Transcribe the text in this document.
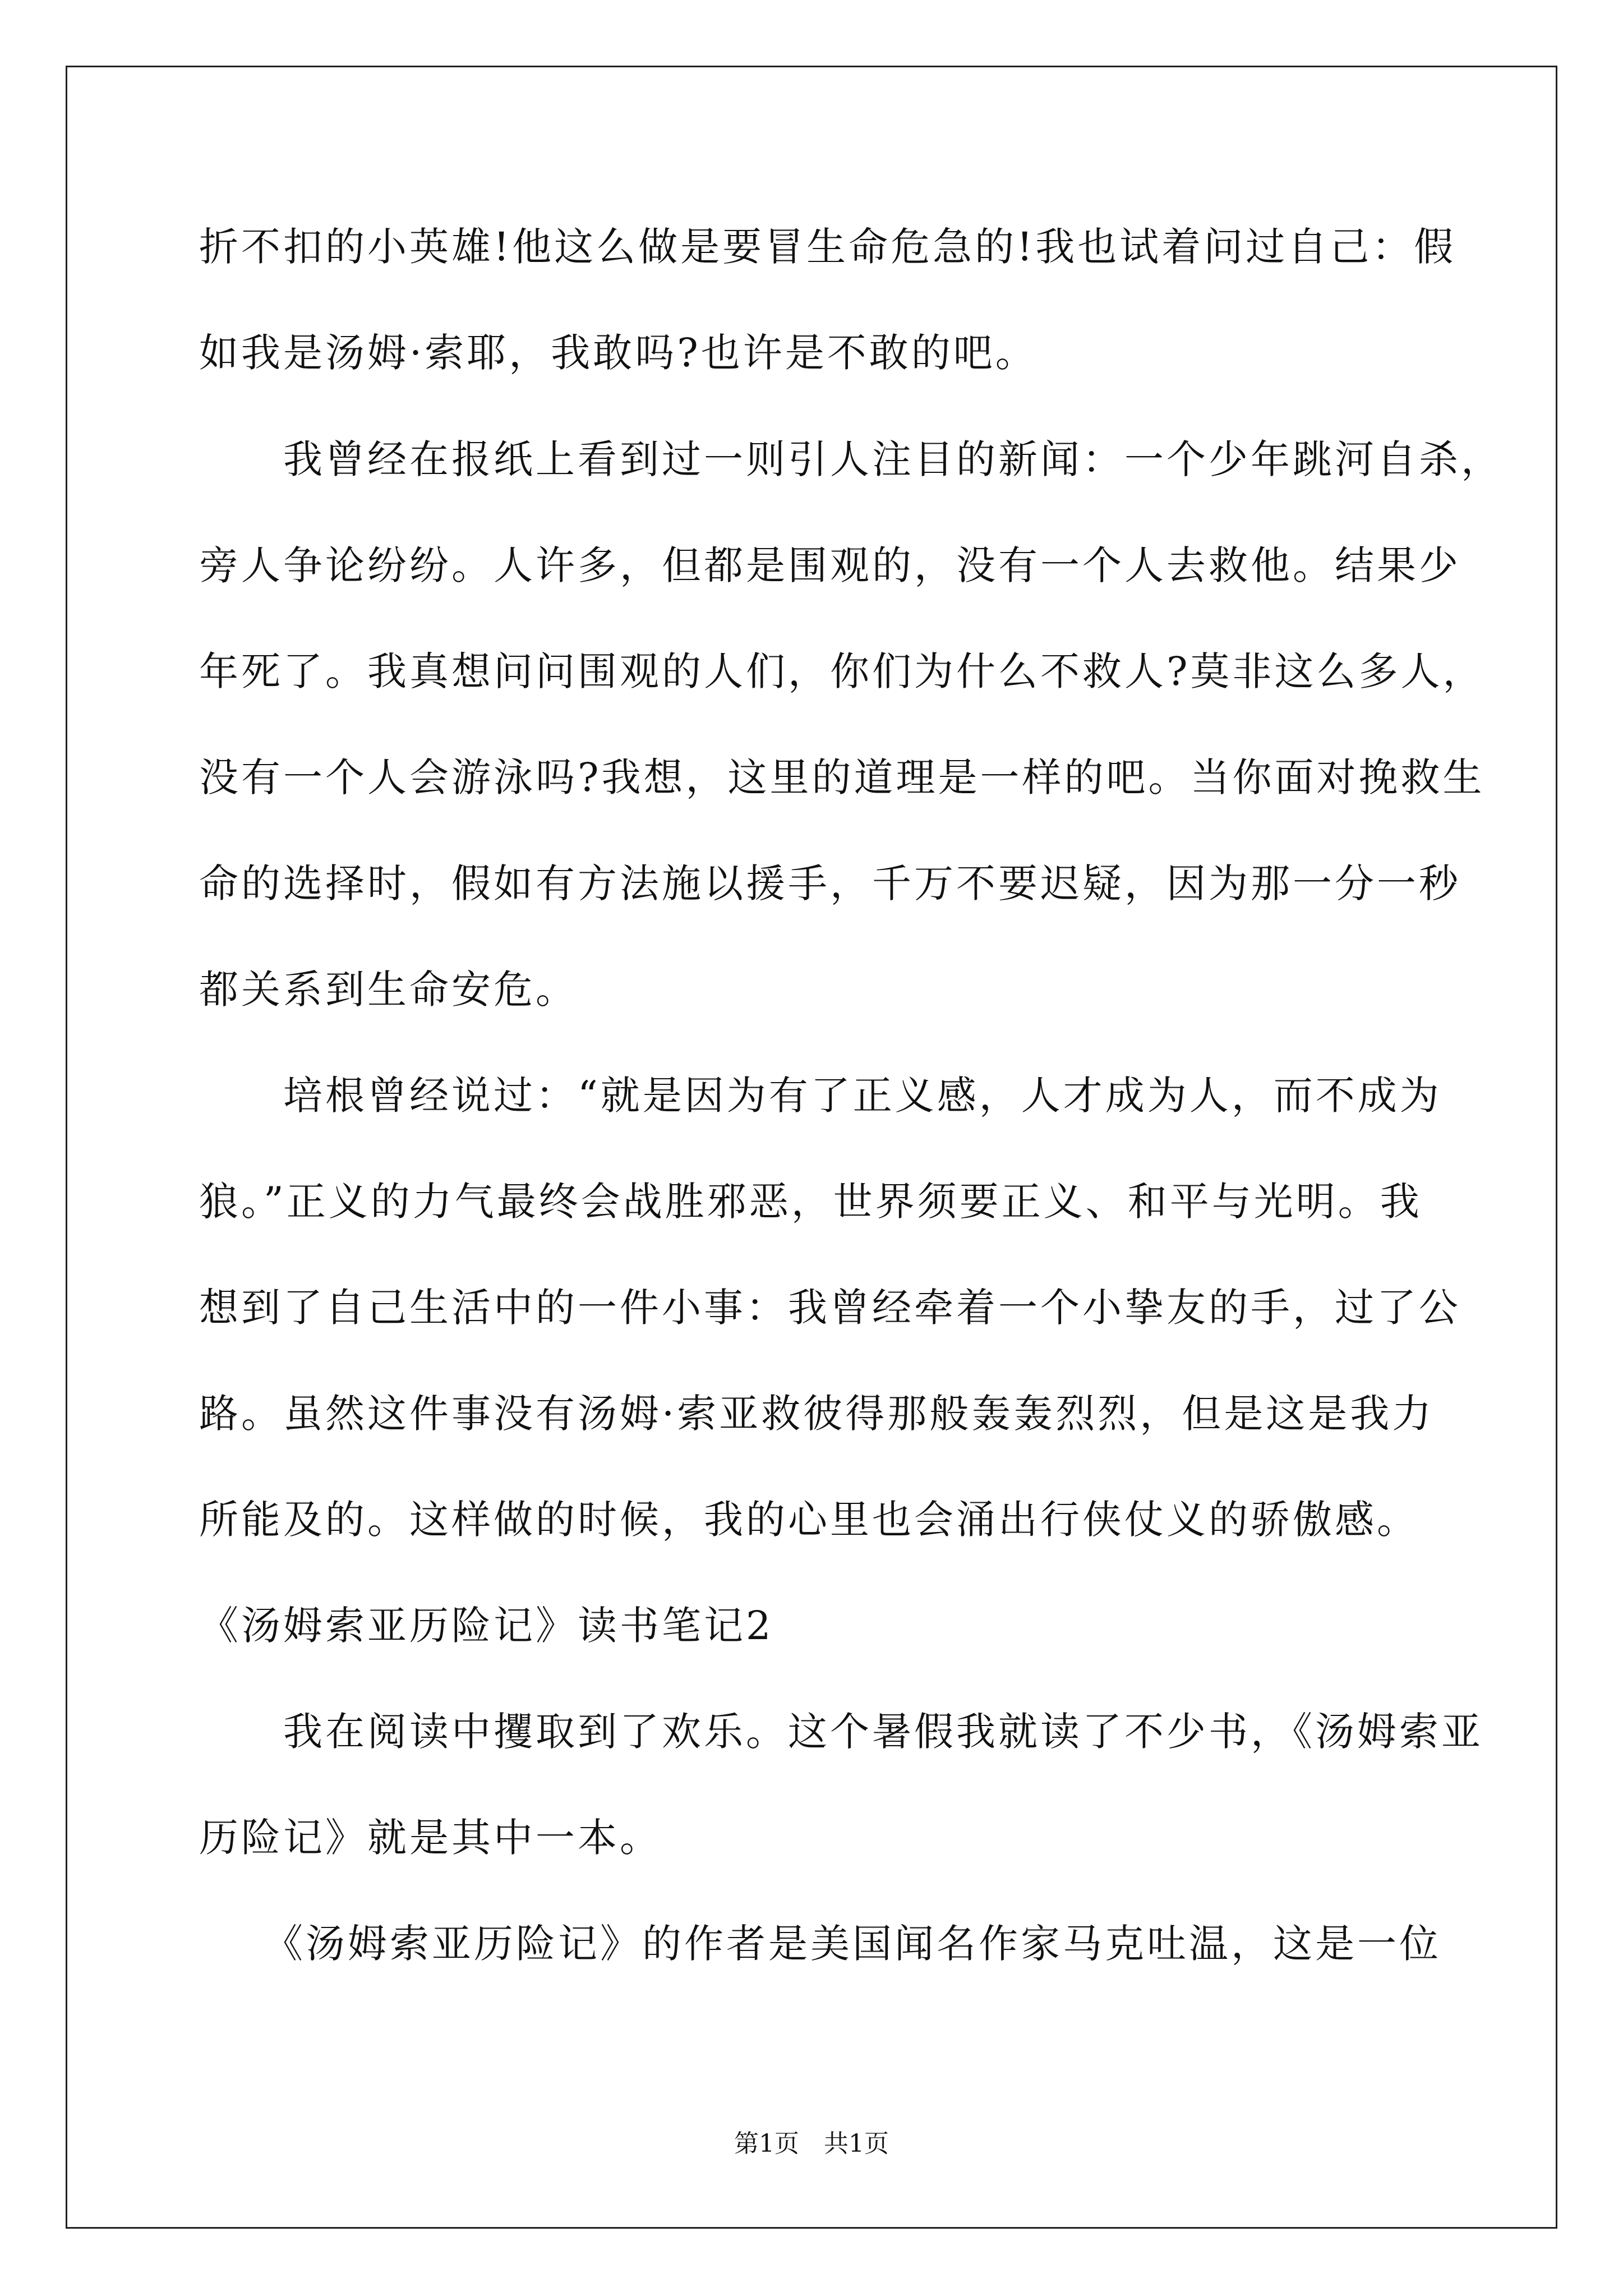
折不扣的小英雄!他这么做是要冒生命危急的!我也试着问过自己：假
如我是汤姆·索耶，我敢吗?也许是不敢的吧。
　　我曾经在报纸上看到过一则引人注目的新闻：一个少年跳河自杀，
旁人争论纷纷。人许多，但都是围观的，没有一个人去救他。结果少
年死了。我真想问问围观的人们，你们为什么不救人?莫非这么多人，
没有一个人会游泳吗?我想，这里的道理是一样的吧。当你面对挽救生
命的选择时，假如有方法施以援手，千万不要迟疑，因为那一分一秒
都关系到生命安危。
　　培根曾经说过：“就是因为有了正义感，人才成为人，而不成为
狼。”正义的力气最终会战胜邪恶，世界须要正义、和平与光明。我
想到了自己生活中的一件小事：我曾经牵着一个小挚友的手，过了公
路。虽然这件事没有汤姆·索亚救彼得那般轰轰烈烈，但是这是我力
所能及的。这样做的时候，我的心里也会涌出行侠仗义的骄傲感。
《汤姆索亚历险记》读书笔记2
　　我在阅读中攫取到了欢乐。这个暑假我就读了不少书，《汤姆索亚
历险记》就是其中一本。
　　《汤姆索亚历险记》的作者是美国闻名作家马克吐温，这是一位
第1页　共1页
